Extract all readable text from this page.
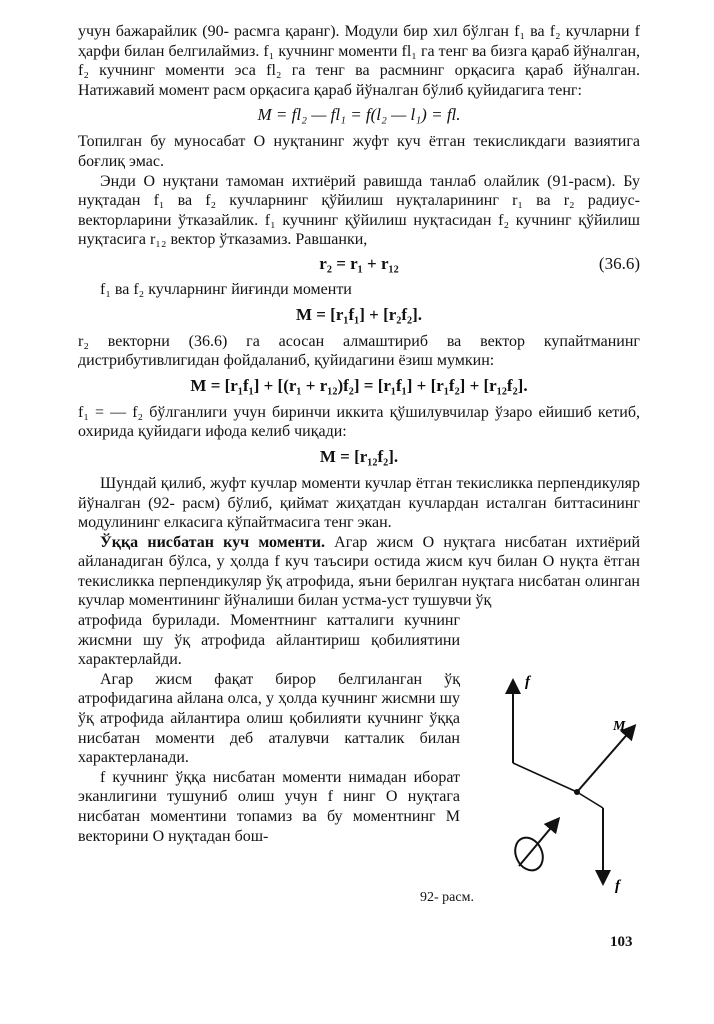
учун бажарайлик (90- расмга қаранг). Модули бир хил бўлган f₁ ва f₂ кучларни f ҳарфи билан белгилаймиз. f₁ кучнинг моменти fl₁ га тенг ва бизга қараб йўналган, f₂ кучнинг моменти эса fl₂ га тенг ва расмнинг орқасига қараб йўналган. Натижавий момент расм орқасига қараб йўналган бўлиб қуйидагига тенг:

M = fl₂ — fl₁ = f(l₂ — l₁) = fl.

Топилган бу муносабат O нуқтанинг жуфт куч ётган текисликдаги вазиятига боғлиқ эмас.

Энди O нуқтани тамоман ихтиёрий равишда танлаб олайлик (91-расм). Бу нуқтадан f₁ ва f₂ кучларнинг қўйилиш нуқталарининг r₁ ва r₂ радиус-векторларини ўтказайлик. f₁ кучнинг қўйилиш нуқтасидан f₂ кучнинг қўйилиш нуқтасига r₁₂ вектор ўтказамиз. Равшанки,

r₂ = r₁ + r₁₂	(36.6)

f₁ ва f₂ кучларнинг йиғинди моменти

M = [r₁f₁] + [r₂f₂].

r₂ векторни (36.6) га асосан алмаштириб ва вектор купайтманинг дистрибутивлигидан фойдаланиб, қуйидагини ёзиш мумкин:

M = [r₁f₁] + [(r₁ + r₁₂)f₂] = [r₁f₁] + [r₁f₂] + [r₁₂f₂].

f₁ = — f₂ бўлганлиги учун биринчи иккита қўшилувчилар ўзаро ейишиб кетиб, охирида қуйидаги ифода келиб чиқади:

M = [r₁₂f₂].

Шундай қилиб, жуфт кучлар моменти кучлар ётган текисликка перпендикуляр йўналган (92- расм) бўлиб, қиймат жиҳатдан кучлардан исталган биттасининг модулининг елкасига кўпайтмасига тенг экан.

Ўққа нисбатан куч моменти. Агар жисм O нуқтага нисбатан ихтиёрий айланадиган бўлса, у ҳолда f куч таъсири остида жисм куч билан O нуқта ётган текисликка перпендикуляр ўқ атрофида, яъни берилган нуқтага нисбатан олинган кучлар моментининг йўналиши билан устма-уст тушувчи ўқ

атрофида бурилади. Моментнинг катталиги кучнинг жисмни шу ўқ атрофида айлантириш қобилиятини характерлайди.

Агар жисм фақат бирор белгиланган ўқ атрофидагина айлана олса, у ҳолда кучнинг жисмни шу ўқ атрофида айлантира олиш қобилияти кучнинг ўққа нисбатан моменти деб аталувчи катталик билан характерланади.

f кучнинг ўққа нисбатан моменти нимадан иборат эканлигини тушуниб олиш учун f нинг O нуқтага нисбатан моментини топамиз ва бу моментнинг M векторини O нуқтадан бош-

f
M
f
92- расм.
103
